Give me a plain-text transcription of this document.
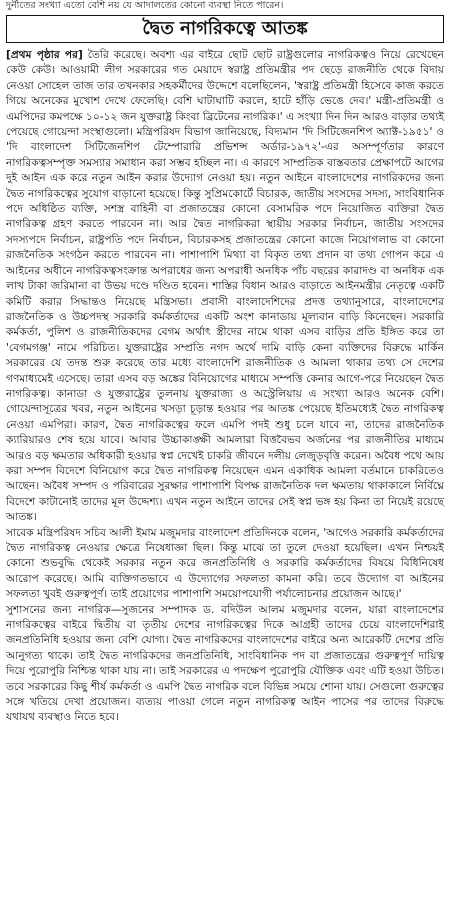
দুর্নীতের সংখ্যা এতো বেশি নয় যে আদালতের কোনো ব্যবস্থা নিতে পারেন।
দ্বৈত নাগরিকত্বে আতঙ্ক

[প্রথম পৃষ্ঠার পর] তৈরি করেছে। অবশ্য এর বাইরে ছোট ছোট রাষ্ট্রগুলোর নাগরিকত্বও নিয়ে রেখেছেন কেউ কেউ। আওয়ামী লীগ সরকারের গত মেয়াদে স্বরাষ্ট্র প্রতিমন্ত্রীর পদ ছেড়ে রাজনীতি থেকে বিদায় নেওয়া সোহেল তাজ তার তখনকার সহকর্মীদের উদ্দেশে বলেছিলেন, 'স্বরাষ্ট্র প্রতিমন্ত্রী হিসেবে কাজ করতে গিয়ে অনেকের মুখোশ দেখে ফেলেছি। বেশি ঘাটাঘাটি করলে, হাটে হাঁড়ি ভেঙে দেব।' মন্ত্রী-প্রতিমন্ত্রী ও এমপিদের কমপক্ষে ১০-১২ জন যুক্তরাষ্ট্র কিংবা ব্রিটেনের নাগরিক।' এ সংখ্যা দিন দিন আরও বাড়ার তথ্যই পেয়েছে গোয়েন্দা সংস্থাগুলো। মন্ত্রিপরিষদ বিভাগ জানিয়েছে, বিদ্যমান 'দি সিটিজেনশিপ অ্যাক্ট-১৯৫১' ও 'দি বাংলাদেশ সিটিজেনশিপ টেম্পোরারি প্রভিশন্স অর্ডার-১৯৭২'-এর অসম্পূর্ণতার কারণে নাগরিকত্বসম্পৃক্ত সমস্যার সমাধান করা সম্ভব হচ্ছিল না। এ কারণে সাম্প্রতিক বাস্তবতার প্রেক্ষাপটে আগের দুই আইন এক করে নতুন আইন করার উদ্যোগ নেওয়া হয়। নতুন আইনে বাংলাদেশের নাগরিকদের জন্য দ্বৈত নাগরিকত্বের সুযোগ বাড়ানো হয়েছে। কিন্তু সুপ্রিমকোর্টে বিচারক, জাতীয় সংসদের সদস্য, সাংবিধানিক পদে অধিষ্ঠিত ব্যক্তি, সশস্ত্র বাহিনী বা প্রজাতন্ত্রের কোনো বেসামরিক পদে নিয়োজিত ব্যক্তিরা দ্বৈত নাগরিকত্ব গ্রহণ করতে পারবেন না। আর দ্বৈত নাগরিকরা স্থায়ীয় সরকার নির্বাচন, জাতীয় সংসদের সদস্যপদে নির্বাচন, রাষ্ট্রপতি পদে নির্বাচন, বিচারকসহ প্রজাতন্ত্রের কোনো কাজে নিয়োগলাভ বা কোনো রাজনৈতিক সংগঠন করতে পারবেন না। পাশাপাশি মিথ্যা বা বিকৃত তথ্য প্রদান বা তথ্য গোপন করে এ আইনের অধীনে নাগরিকত্বসংক্রান্ত অপরাধের জন্য অপরাধী অনধিক পাঁচ বছরের কারাদণ্ড বা অনধিক এক লাখ টাকা জরিমানা বা উভয় দণ্ডে দণ্ডিত হবেন। শাস্তির বিধান আরও বাড়াতে আইনমন্ত্রীর নেতৃত্বে একটি কমিটি করার সিদ্ধান্তও নিয়েছে মন্ত্রিসভা। প্রবাসী বাংলাদেশিদের প্রদত্ত তথ্যানুসারে, বাংলাদেশের রাজনৈতিক ও উচ্চপদস্থ সরকারি কর্মকর্তাদের একটি অংশ কানাডায় মূল্যবান বাড়ি কিনেছেন। সরকারি কর্মকর্তা, পুলিশ ও রাজনীতিকদের বেগম অর্থাৎ স্ত্রীদের নামে থাকা এসব বাড়ির প্রতি ইঙ্গিত করে তা 'বেগমগঞ্জ' নামে পরিচিত। যুক্তরাষ্ট্রের সম্প্রতি নগদ অর্থে দামি বাড়ি কেনা ব্যক্তিদের বিরুদ্ধে মার্কিন সরকারের যে তদন্ত শুরু করেছে তার মধ্যে বাংলাদেশি রাজনীতিক ও আমলা থাকার তথ্য সে দেশের গণমাধ্যমেই এসেছে। তারা এসব বড় অঙ্কের বিনিয়োগের মাধ্যমে সম্পত্তি কেনার আগে-পরে নিয়েছেন দ্বৈত নাগরিকত্ব। কানাডা ও যুক্তরাষ্ট্রের তুলনায় যুক্তরাজ্য ও অস্ট্রেলিয়ায় এ সংখ্যা আরও অনেক বেশি। গোয়েন্দাসূত্রের খবর, নতুন আইনের খসড়া চূড়ান্ত হওয়ার পর আতঙ্ক পেয়েছে ইতিমধ্যেই দ্বৈত নাগরিকত্ব নেওয়া এমপিরা। কারণ, দ্বৈত নাগরিকত্বের ফলে এমপি পদই শুধু চলে যাবে না, তাদের রাজনৈতিক ক্যারিয়ারও শেষ হয়ে যাবে। আবার উচ্চাকাঙ্ক্ষী আমলারা বিত্তবৈভব অর্জনের পর রাজনীতির মাধ্যমে আরও বড় ক্ষমতার অধিকারী হওয়ার স্বপ্ন দেখেই চাকরি জীবনে দলীয় লেজুড়বৃত্তি করেন। অবৈধ পথে আয় করা সম্পদ বিদেশে বিনিয়োগ করে দ্বৈত নাগরিকত্ব নিয়েছেন এমন একাধিক আমলা বর্তমানে চাকরিতেও আছেন। অবৈধ সম্পদ ও পরিবারের সুরক্ষার পাশাপাশি বিপক্ষ রাজনৈতিক দল ক্ষমতায় থাকাকালে নির্বিঘ্নে বিদেশে কাটানোই তাদের মূল উদ্দেশ্য। এখন নতুন আইনে তাদের সেই স্বপ্ন ভঙ্গ হয় কিনা তা নিয়েই রয়েছে আতঙ্ক।

সাবেক মন্ত্রিপরিষদ সচিব আলী ইমাম মজুমদার বাংলাদেশ প্রতিদিনকে বলেন, 'আগেও সরকারি কর্মকর্তাদের দ্বৈত নাগরিকত্ব নেওয়ার ক্ষেত্রে নিষেধাজ্ঞা ছিল। কিন্তু মাঝে তা তুলে দেওয়া হয়েছিল। এখন নিশ্চয়ই কোনো শুভবুদ্ধি থেকেই সরকার নতুন করে জনপ্রতিনিধি ও সরকারি কর্মকর্তাদের বিষয়ে বিধিনিষেধ আরোপ করেছে। আমি ব্যক্তিগতভাবে এ উদ্যোগের সফলতা কামনা করি। তবে উদ্যোগ বা আইনের সফলতা খুবই গুরুত্বপূর্ণ। তাই প্রয়োগের পাশাপাশি সময়োপযোগী পর্যালোচনার প্রয়োজন আছে।'

সুশাসনের জন্য নাগরিক—সুজনের সম্পাদক ড. বদিউল আলম মজুমদার বলেন, যারা বাংলাদেশের নাগরিকত্বের বাইরে দ্বিতীয় বা তৃতীয় দেশের নাগরিকত্বের দিকে আগ্রহী তাদের চেয়ে বাংলাদেশিরাই জনপ্রতিনিধি হওয়ার জন্য বেশি যোগ্য। দ্বৈত নাগরিকদের বাংলাদেশের বাইরে অন্য আরেকটি দেশের প্রতি আনুগত্য থাকে। তাই দ্বৈত নাগরিকদের জনপ্রতিনিধি, সাংবিধানিক পদ বা প্রজাতন্ত্রের গুরুত্বপূর্ণ দায়িত্ব দিয়ে পুরোপুরি নিশ্চিন্ত থাকা যায় না। তাই সরকারের এ পদক্ষেপ পুরোপুরি যৌক্তিক এবং এটি হওয়া উচিত। তবে সরকারের কিছু শীর্ষ কর্মকর্তা ও এমপি দ্বৈত নাগরিক বলে বিভিন্ন সময়ে শোনা যায়। সেগুলো গুরুত্বের সঙ্গে খতিয়ে দেখা প্রয়োজন। ব্যত্যয় পাওয়া গেলে নতুন নাগরিকত্ব আইন পাসের পর তাদের বিরুদ্ধে যথাযথ ব্যবস্থাও নিতে হবে।
